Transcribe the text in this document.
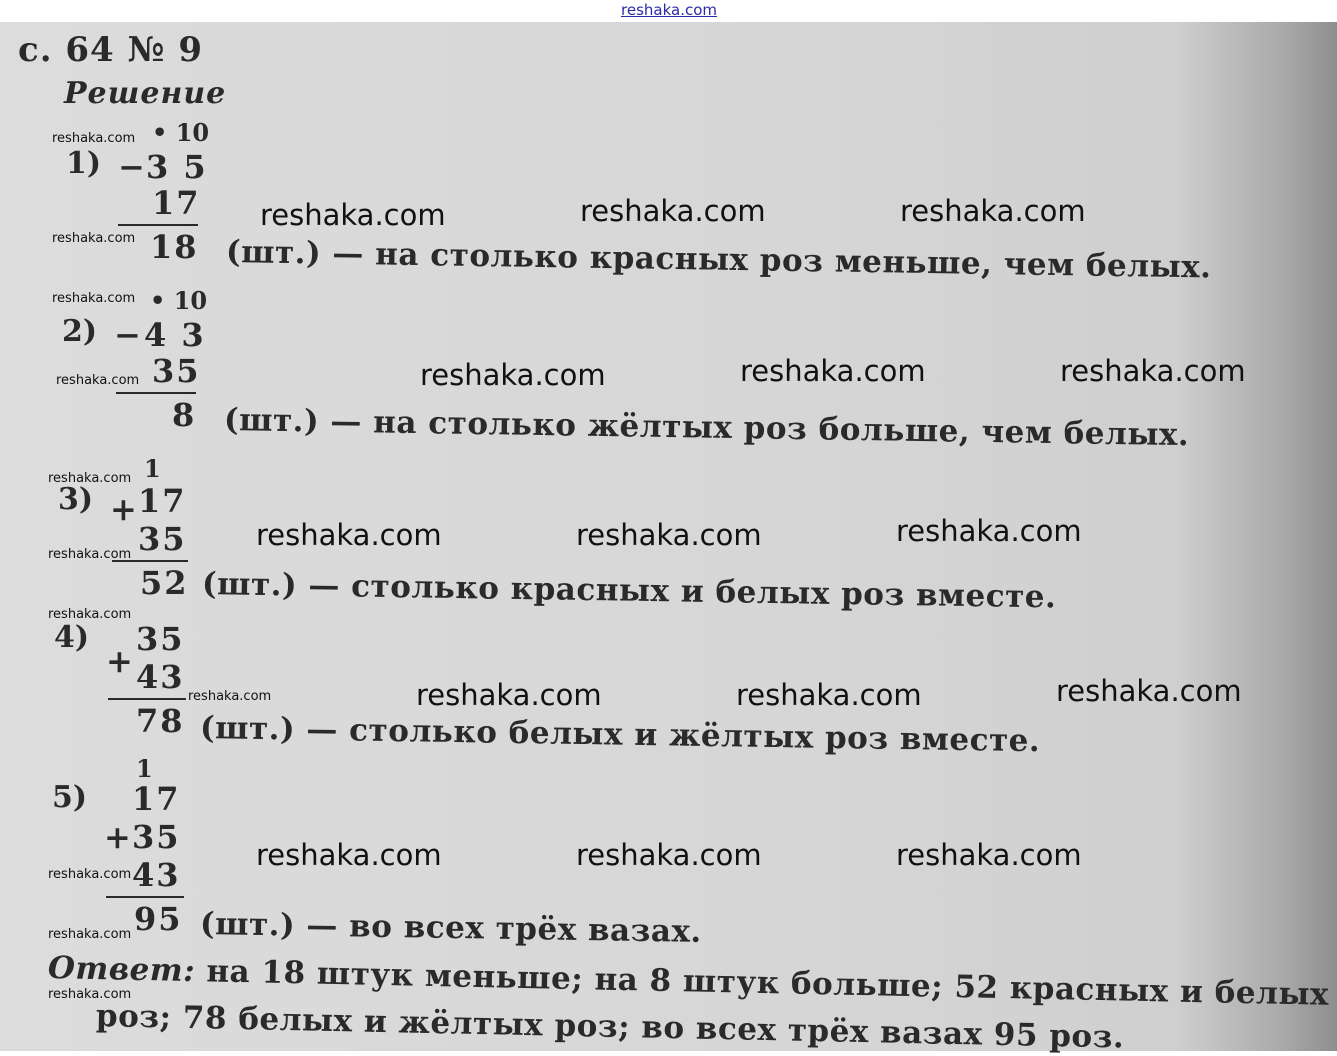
reshaka.com
с. 64 № 9
Решение
• 10
1) − 3 5
17
18 (шт.) — на столько красных роз меньше, чем белых.
• 10
2) − 4 3
35
8 (шт.) — на столько жёлтых роз больше, чем белых.
1
3) + 17
35
52 (шт.) — столько красных и белых роз вместе.
4) 35
+ 43
78 (шт.) — столько белых и жёлтых роз вместе.
1
5) 17
+ 35
43
95 (шт.) — во всех трёх вазах.
Ответ: на 18 штук меньше; на 8 штук больше; 52 красных и белых
роз; 78 белых и жёлтых роз; во всех трёх вазах 95 роз.
reshaka.com	reshaka.com	reshaka.com
reshaka.com	reshaka.com	reshaka.com
reshaka.com	reshaka.com	reshaka.com
reshaka.com	reshaka.com	reshaka.com
reshaka.com	reshaka.com	reshaka.com
reshaka.com
reshaka.com
reshaka.com
reshaka.com
reshaka.com
reshaka.com
reshaka.com
reshaka.com
reshaka.com
reshaka.com
reshaka.com
